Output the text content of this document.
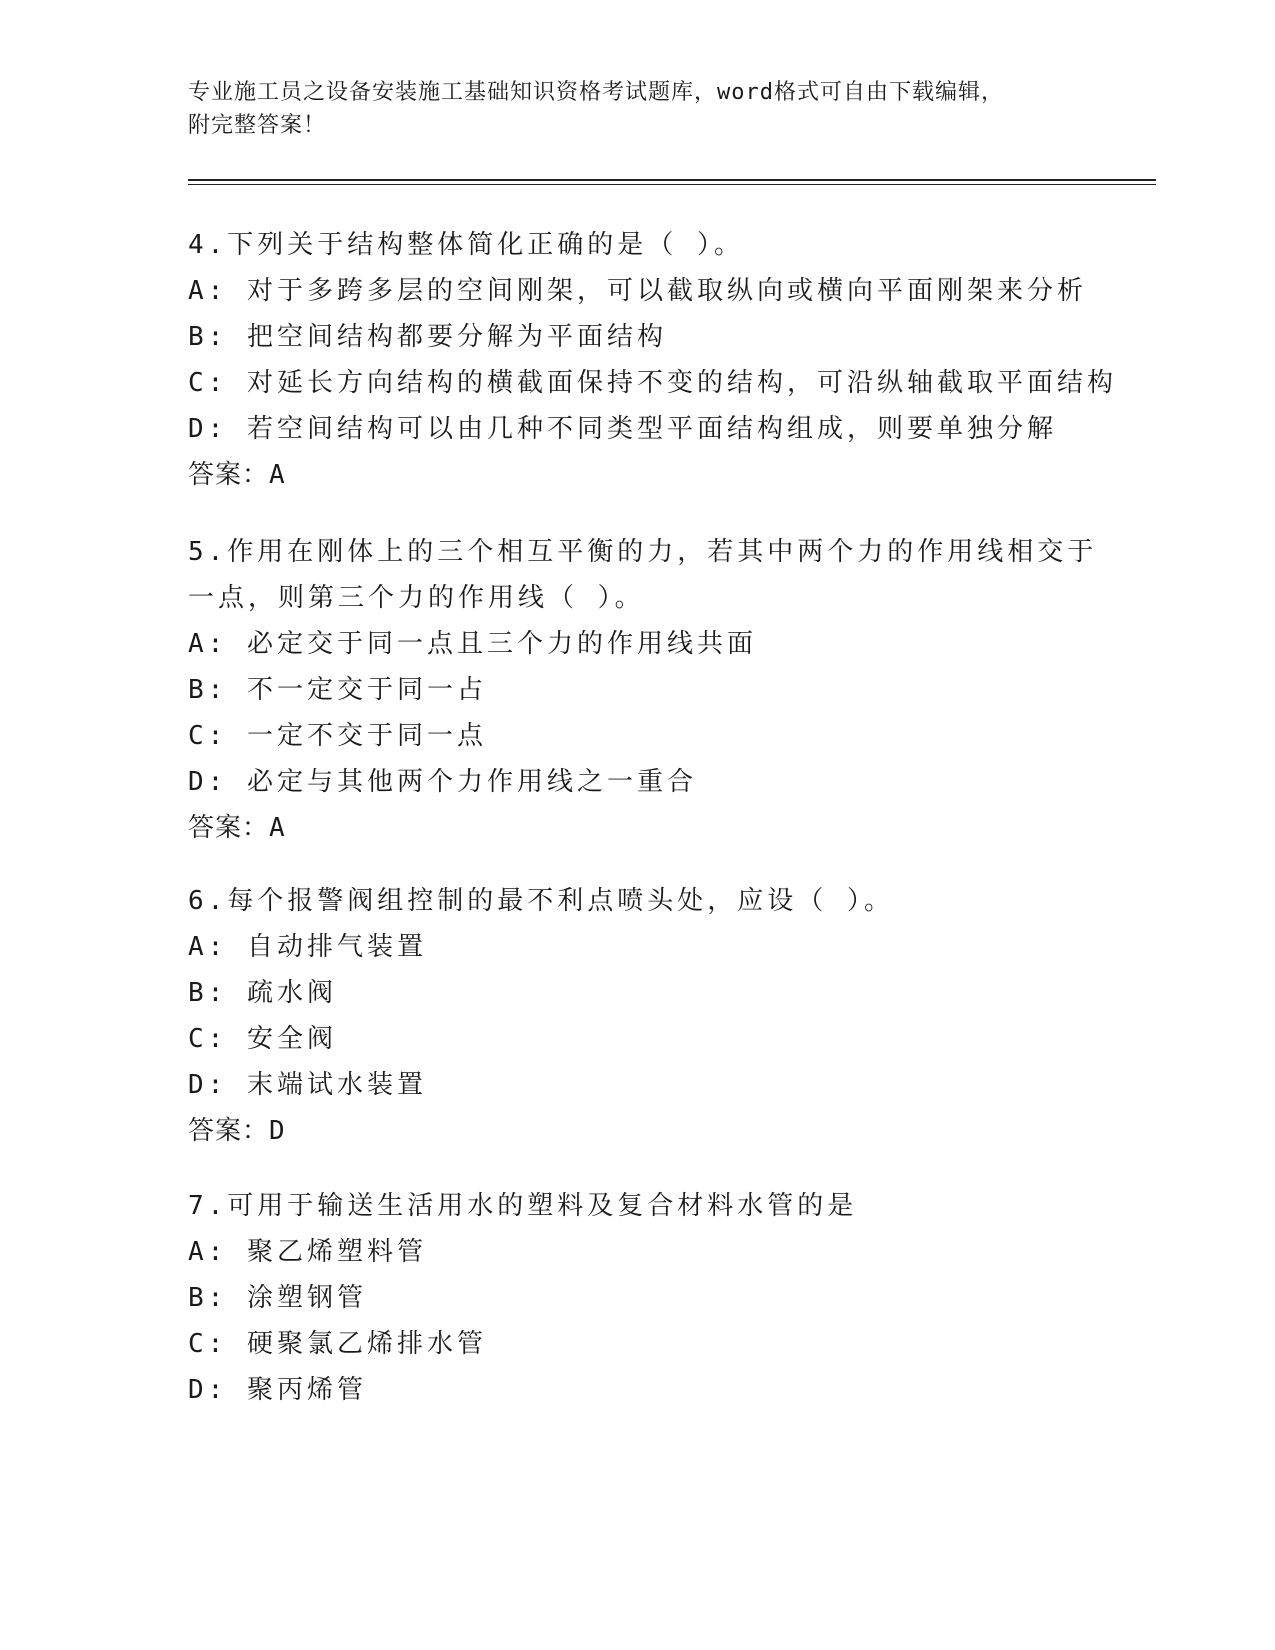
专业施工员之设备安装施工基础知识资格考试题库，word格式可自由下载编辑，
附完整答案！
4.下列关于结构整体简化正确的是（ ）。
A: 对于多跨多层的空间刚架，可以截取纵向或横向平面刚架来分析
B: 把空间结构都要分解为平面结构
C: 对延长方向结构的横截面保持不变的结构，可沿纵轴截取平面结构
D: 若空间结构可以由几种不同类型平面结构组成，则要单独分解
答案：A
5.作用在刚体上的三个相互平衡的力，若其中两个力的作用线相交于
一点，则第三个力的作用线（ ）。
A: 必定交于同一点且三个力的作用线共面
B: 不一定交于同一占
C: 一定不交于同一点
D: 必定与其他两个力作用线之一重合
答案：A
6.每个报警阀组控制的最不利点喷头处，应设（ ）。
A: 自动排气装置
B: 疏水阀
C: 安全阀
D: 末端试水装置
答案：D
7.可用于输送生活用水的塑料及复合材料水管的是
A: 聚乙烯塑料管
B: 涂塑钢管
C: 硬聚氯乙烯排水管
D: 聚丙烯管
